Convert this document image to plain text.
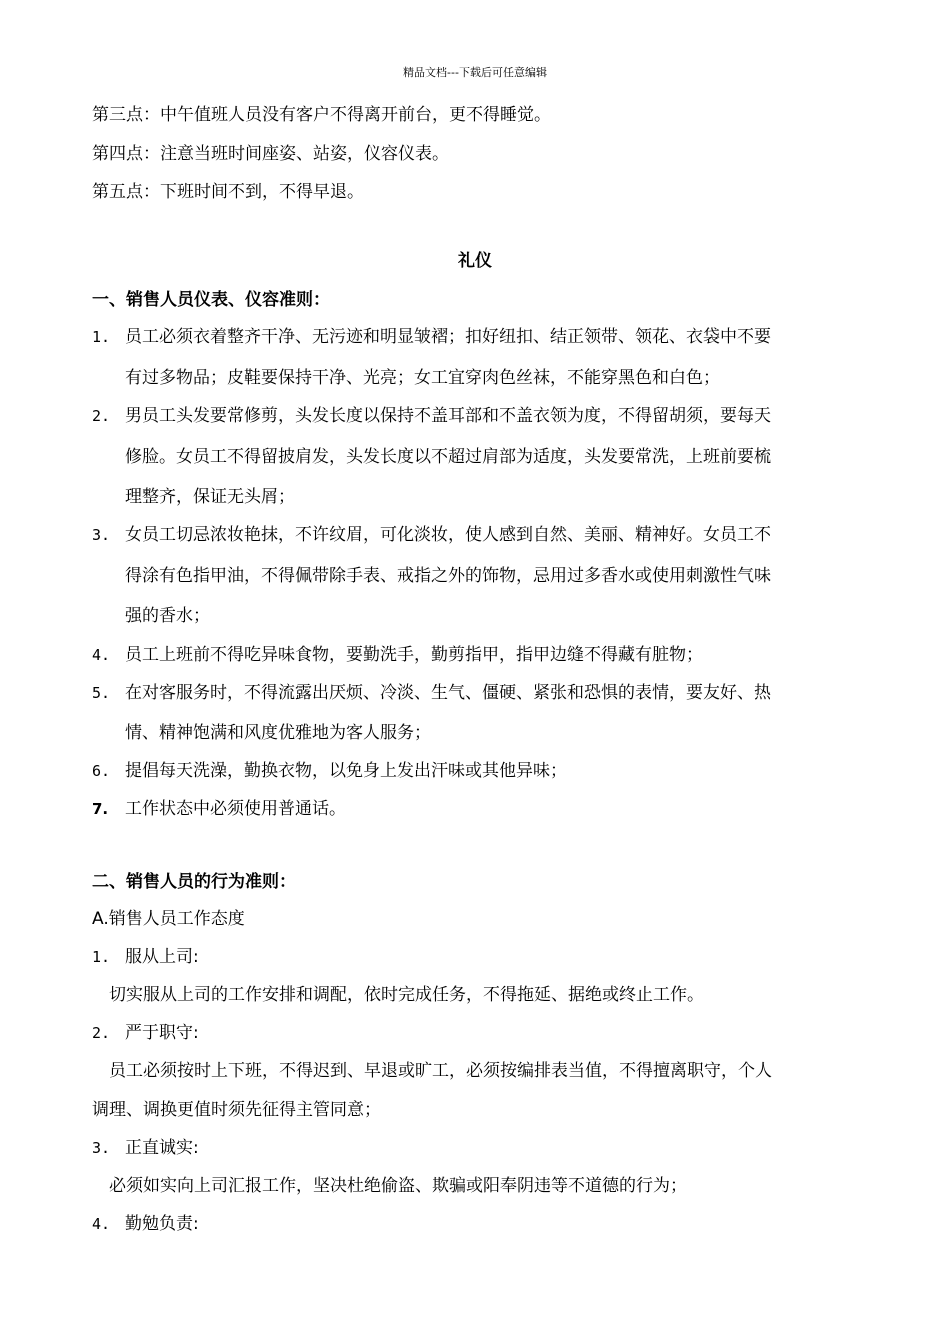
精品文档---下载后可任意编辑
第三点：中午值班人员没有客户不得离开前台，更不得睡觉。
第四点：注意当班时间座姿、站姿，仪容仪表。
第五点：下班时间不到，不得早退。
礼仪
一、销售人员仪表、仪容准则：
1. 员工必须衣着整齐干净、无污迹和明显皱褶；扣好纽扣、结正领带、领花、衣袋中不要
有过多物品；皮鞋要保持干净、光亮；女工宜穿肉色丝袜，不能穿黑色和白色；
2. 男员工头发要常修剪，头发长度以保持不盖耳部和不盖衣领为度，不得留胡须，要每天
修脸。女员工不得留披肩发，头发长度以不超过肩部为适度，头发要常洗，上班前要梳
理整齐，保证无头屑；
3. 女员工切忌浓妆艳抹，不许纹眉，可化淡妆，使人感到自然、美丽、精神好。女员工不
得涂有色指甲油，不得佩带除手表、戒指之外的饰物，忌用过多香水或使用刺激性气味
强的香水；
4. 员工上班前不得吃异味食物，要勤洗手，勤剪指甲，指甲边缝不得藏有脏物；
5. 在对客服务时，不得流露出厌烦、冷淡、生气、僵硬、紧张和恐惧的表情，要友好、热
情、精神饱满和风度优雅地为客人服务；
6. 提倡每天洗澡，勤换衣物，以免身上发出汗味或其他异味；
7. 工作状态中必须使用普通话。
二、销售人员的行为准则：
A.销售人员工作态度
1. 服从上司:
切实服从上司的工作安排和调配，依时完成任务，不得拖延、据绝或终止工作。
2. 严于职守:
员工必须按时上下班，不得迟到、早退或旷工，必须按编排表当值，不得擅离职守，个人
调理、调换更值时须先征得主管同意；
3. 正直诚实:
必须如实向上司汇报工作，坚决杜绝偷盗、欺骗或阳奉阴违等不道德的行为；
4. 勤勉负责:
